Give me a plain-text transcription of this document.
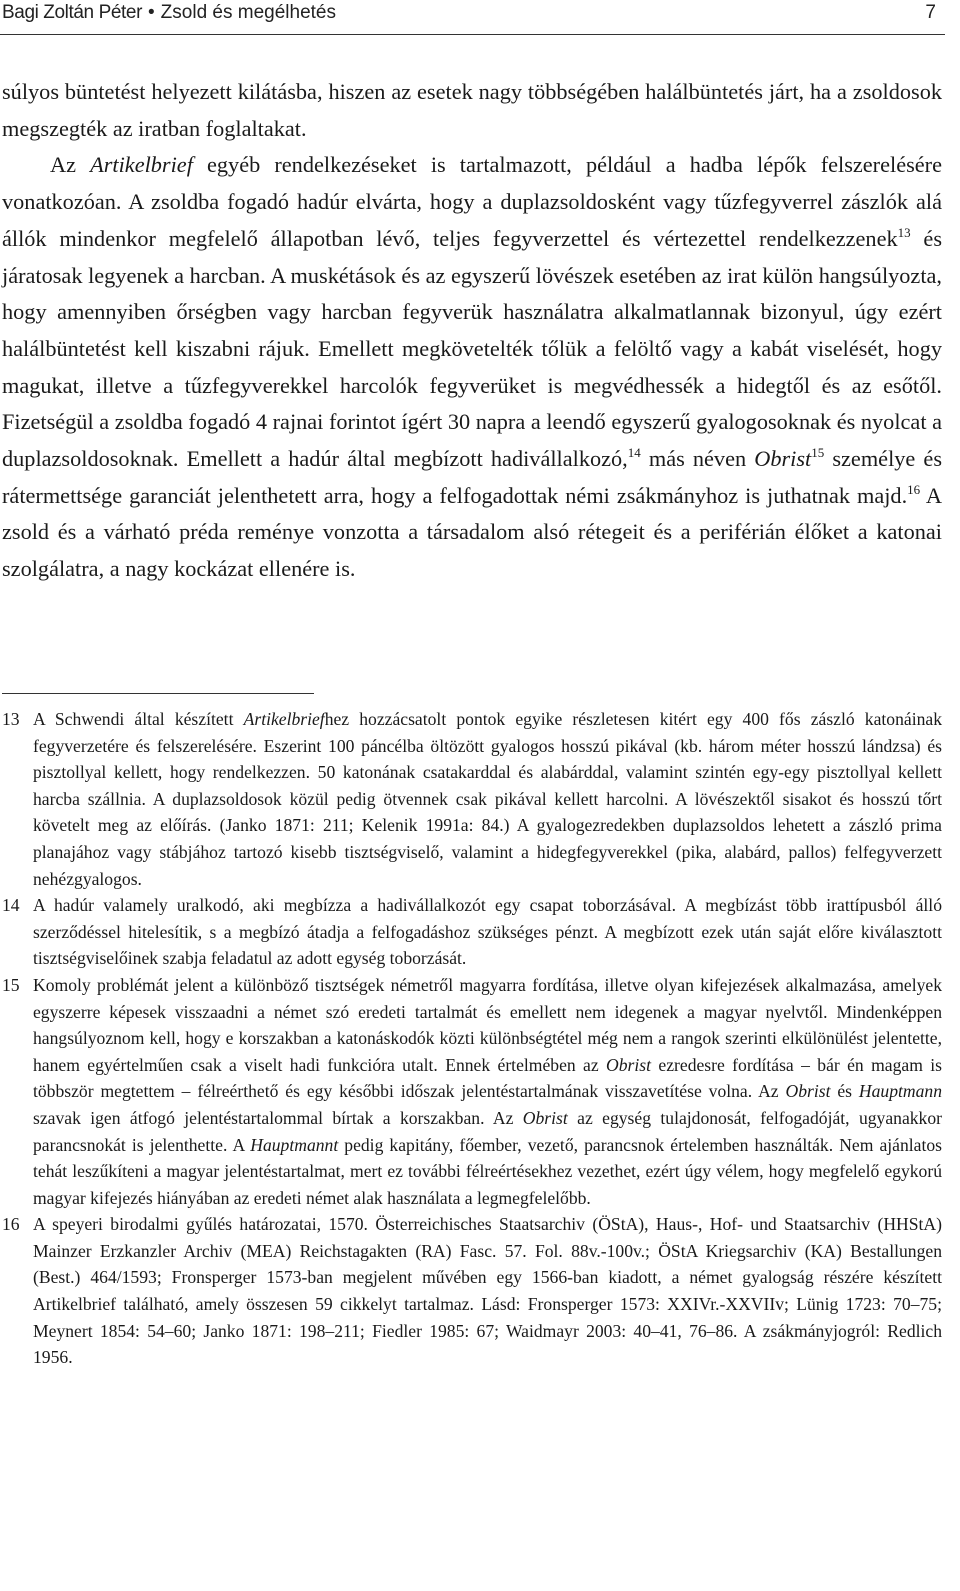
Bagi Zoltán Péter • Zsold és megélhetés	7

súlyos büntetést helyezett kilátásba, hiszen az esetek nagy többségében halálbüntetés járt, ha a zsoldosok megszegték az iratban foglaltakat.

Az Artikelbrief egyéb rendelkezéseket is tartalmazott, például a hadba lépők felszerelésére vonatkozóan. A zsoldba fogadó hadúr elvárta, hogy a duplazsoldosként vagy tűzfegyverrel zászlók alá állók mindenkor megfelelő állapotban lévő, teljes fegyverzettel és vértezettel rendelkezzenek$^{13}$ és járatosak legyenek a harcban. A muskétások és az egyszerű lövészek esetében az irat külön hangsúlyozta, hogy amennyiben őrségben vagy harcban fegyverük használatra alkalmatlannak bizonyul, úgy ezért halálbüntetést kell kiszabni rájuk. Emellett megkövetelték tőlük a felöltő vagy a kabát viselését, hogy magukat, illetve a tűzfegyverekkel harcolók fegyverüket is megvédhessék a hidegtől és az esőtől. Fizetségül a zsoldba fogadó 4 rajnai forintot ígért 30 napra a leendő egyszerű gyalogosoknak és nyolcat a duplazsoldosoknak. Emellett a hadúr által megbízott hadivállalkozó,$^{14}$ más néven Obrist$^{15}$ személye és rátermettsége garanciát jelenthetett arra, hogy a felfogadottak némi zsákmányhoz is juthatnak majd.$^{16}$ A zsold és a várható préda reménye vonzotta a társadalom alsó rétegeit és a periférián élőket a katonai szolgálatra, a nagy kockázat ellenére is.

13 A Schwendi által készített Artikelbriefhez hozzácsatolt pontok egyike részletesen kitért egy 400 fős zászló katonáinak fegyverzetére és felszerelésére. Eszerint 100 páncélba öltözött gyalogos hosszú pikával (kb. három méter hosszú lándzsa) és pisztollyal kellett, hogy rendelkezzen. 50 katonának csatakarddal és alabárddal, valamint szintén egy-egy pisztollyal kellett harcba szállnia. A duplazsoldosok közül pedig ötvennek csak pikával kellett harcolni. A lövészektől sisakot és hosszú tőrt követelt meg az előírás. (Janko 1871: 211; Kelenik 1991a: 84.) A gyalogezredekben duplazsoldos lehetett a zászló prima planajához vagy stábjához tartozó kisebb tisztségviselő, valamint a hidegfegyverekkel (pika, alabárd, pallos) felfegyverzett nehézgyalogos.
14 A hadúr valamely uralkodó, aki megbízza a hadivállalkozót egy csapat toborzásával. A megbízást több irattípusból álló szerződéssel hitelesítik, s a megbízó átadja a felfogadáshoz szükséges pénzt. A megbízott ezek után saját előre kiválasztott tisztségviselőinek szabja feladatul az adott egység toborzását.
15 Komoly problémát jelent a különböző tisztségek németről magyarra fordítása, illetve olyan kifejezések alkalmazása, amelyek egyszerre képesek visszaadni a német szó eredeti tartalmát és emellett nem idegenek a magyar nyelvtől. Mindenképpen hangsúlyoznom kell, hogy e korszakban a katonáskodók közti különbségtétel még nem a rangok szerinti elkülönülést jelentette, hanem egyértelműen csak a viselt hadi funkcióra utalt. Ennek értelmében az Obrist ezredesre fordítása – bár én magam is többször megtettem – félreérthető és egy későbbi időszak jelentéstartalmának visszavetítése volna. Az Obrist és Hauptmann szavak igen átfogó jelentéstartalommal bírtak a korszakban. Az Obrist az egység tulajdonosát, felfogadóját, ugyanakkor parancsnokát is jelenthette. A Hauptmannt pedig kapitány, főember, vezető, parancsnok értelemben használták. Nem ajánlatos tehát leszűkíteni a magyar jelentéstartalmat, mert ez további félreértésekhez vezethet, ezért úgy vélem, hogy megfelelő egykorú magyar kifejezés hiányában az eredeti német alak használata a legmegfelelőbb.
16 A speyeri birodalmi gyűlés határozatai, 1570. Österreichisches Staatsarchiv (ÖStA), Haus-, Hof- und Staatsarchiv (HHStA) Mainzer Erzkanzler Archiv (MEA) Reichstagakten (RA) Fasc. 57. Fol. 88v.-100v.; ÖStA Kriegsarchiv (KA) Bestallungen (Best.) 464/1593; Fronsperger 1573-ban megjelent művében egy 1566-ban kiadott, a német gyalogság részére készített Artikelbrief található, amely összesen 59 cikkelyt tartalmaz. Lásd: Fronsperger 1573: XXIVr.-XXVIIv; Lünig 1723: 70–75; Meynert 1854: 54–60; Janko 1871: 198–211; Fiedler 1985: 67; Waidmayr 2003: 40–41, 76–86. A zsákmányjogról: Redlich 1956.
